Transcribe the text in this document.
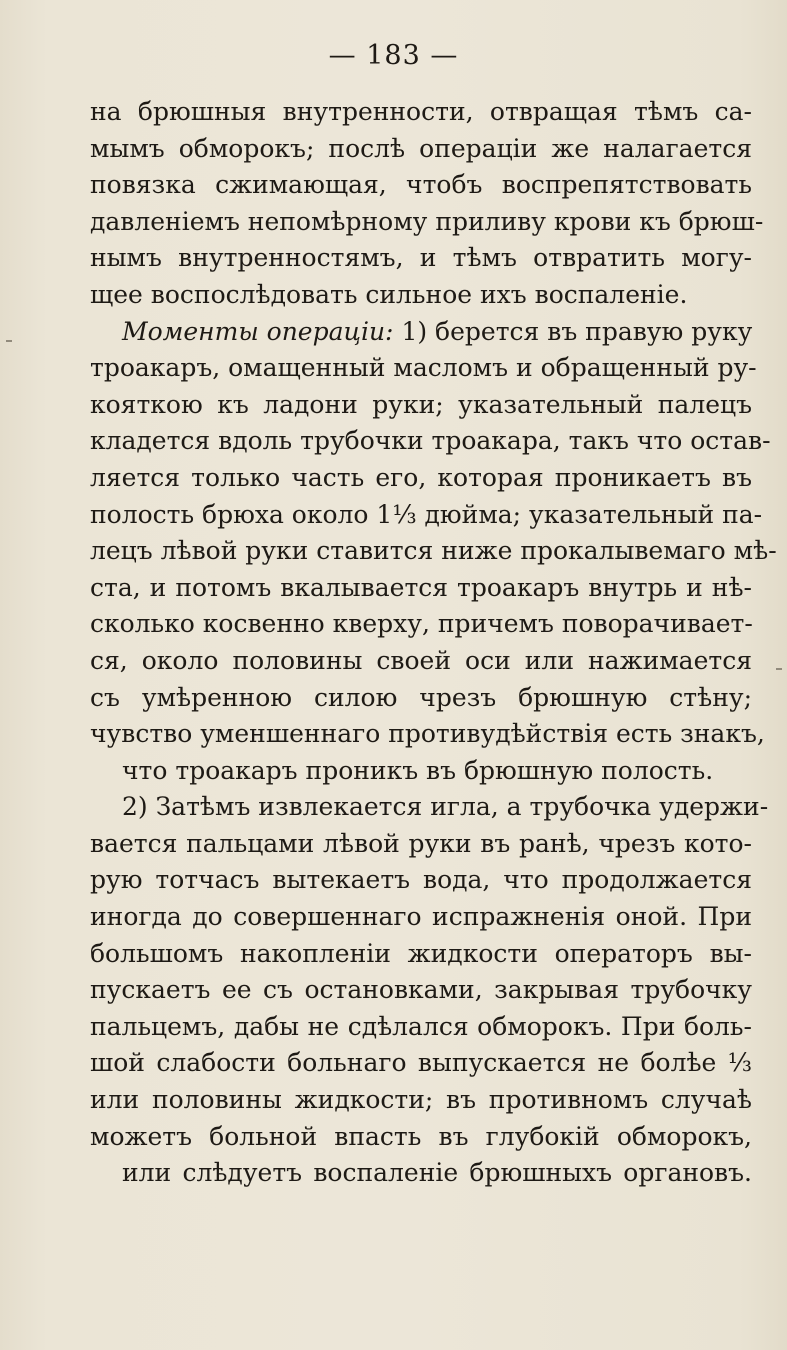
— 183 —
на брюшныя внутренности, отвращая тѣмъ са-
мымъ обморокъ; послѣ операціи же налагается
повязка сжимающая, чтобъ воспрепятствовать
давленіемъ непомѣрному приливу крови къ брюш-
нымъ внутренностямъ, и тѣмъ отвратить могу-
щее воспослѣдовать сильное ихъ воспаленіе.
Моменты операціи: 1) берется въ правую руку
троакаръ, омащенный масломъ и обращенный ру-
кояткою къ ладони руки; указательный палецъ
кладется вдоль трубочки троакара, такъ что остав-
ляется только часть его, которая проникаетъ въ
полость брюха около 1⅓ дюйма; указательный па-
лецъ лѣвой руки ставится ниже прокалывемаго мѣ-
ста, и потомъ вкалывается троакаръ внутрь и нѣ-
сколько косвенно кверху, причемъ поворачивает-
ся, около половины своей оси или нажимается
съ умѣренною силою чрезъ брюшную стѣну;
чувство уменшеннаго противудѣйствія есть знакъ,
что троакаръ проникъ въ брюшную полость.
2) Затѣмъ извлекается игла, а трубочка удержи-
вается пальцами лѣвой руки въ ранѣ, чрезъ кото-
рую тотчасъ вытекаетъ вода, что продолжается
иногда до совершеннаго испражненія оной. При
большомъ накопленіи жидкости операторъ вы-
пускаетъ ее съ остановками, закрывая трубочку
пальцемъ, дабы не сдѣлался обморокъ. При боль-
шой слабости больнаго выпускается не болѣе ⅓
или половины жидкости; въ противномъ случаѣ
можетъ больной впасть въ глубокій обморокъ,
или слѣдуетъ воспаленіе брюшныхъ органовъ.
